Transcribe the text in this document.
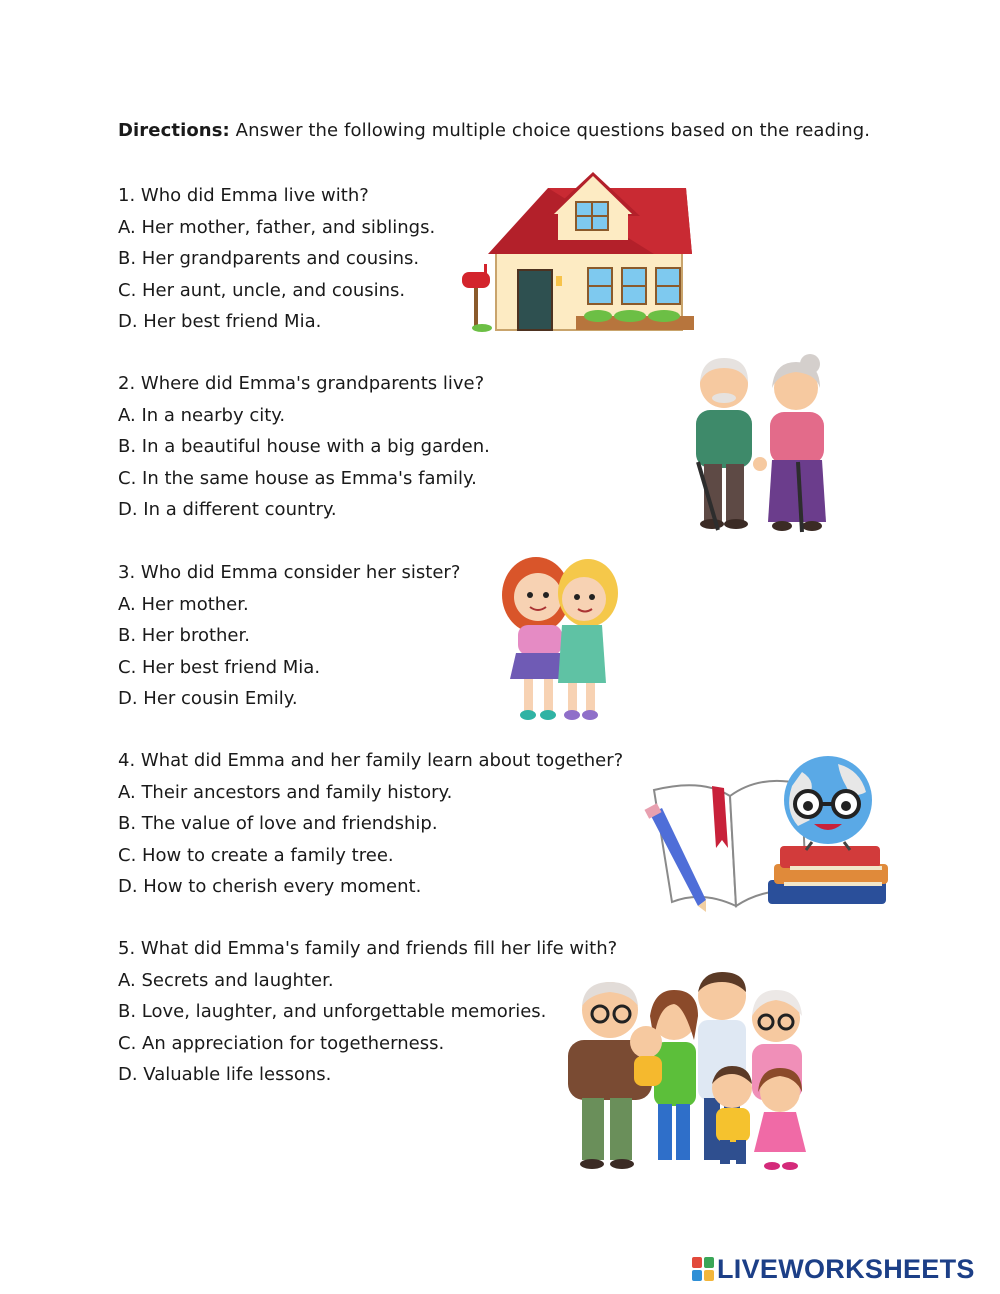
Directions: Answer the following multiple choice questions based on the reading.
1. Who did Emma live with?
A. Her mother, father, and siblings.
B. Her grandparents and cousins.
C. Her aunt, uncle, and cousins.
D. Her best friend Mia.
2. Where did Emma's grandparents live?
A. In a nearby city.
B. In a beautiful house with a big garden.
C. In the same house as Emma's family.
D. In a different country.
3. Who did Emma consider her sister?
A. Her mother.
B. Her brother.
C. Her best friend Mia.
D. Her cousin Emily.
4. What did Emma and her family learn about together?
A. Their ancestors and family history.
B. The value of love and friendship.
C. How to create a family tree.
D. How to cherish every moment.
5. What did Emma's family and friends fill her life with?
A. Secrets and laughter.
B. Love, laughter, and unforgettable memories.
C. An appreciation for togetherness.
D. Valuable life lessons.
LIVEWORKSHEETS
